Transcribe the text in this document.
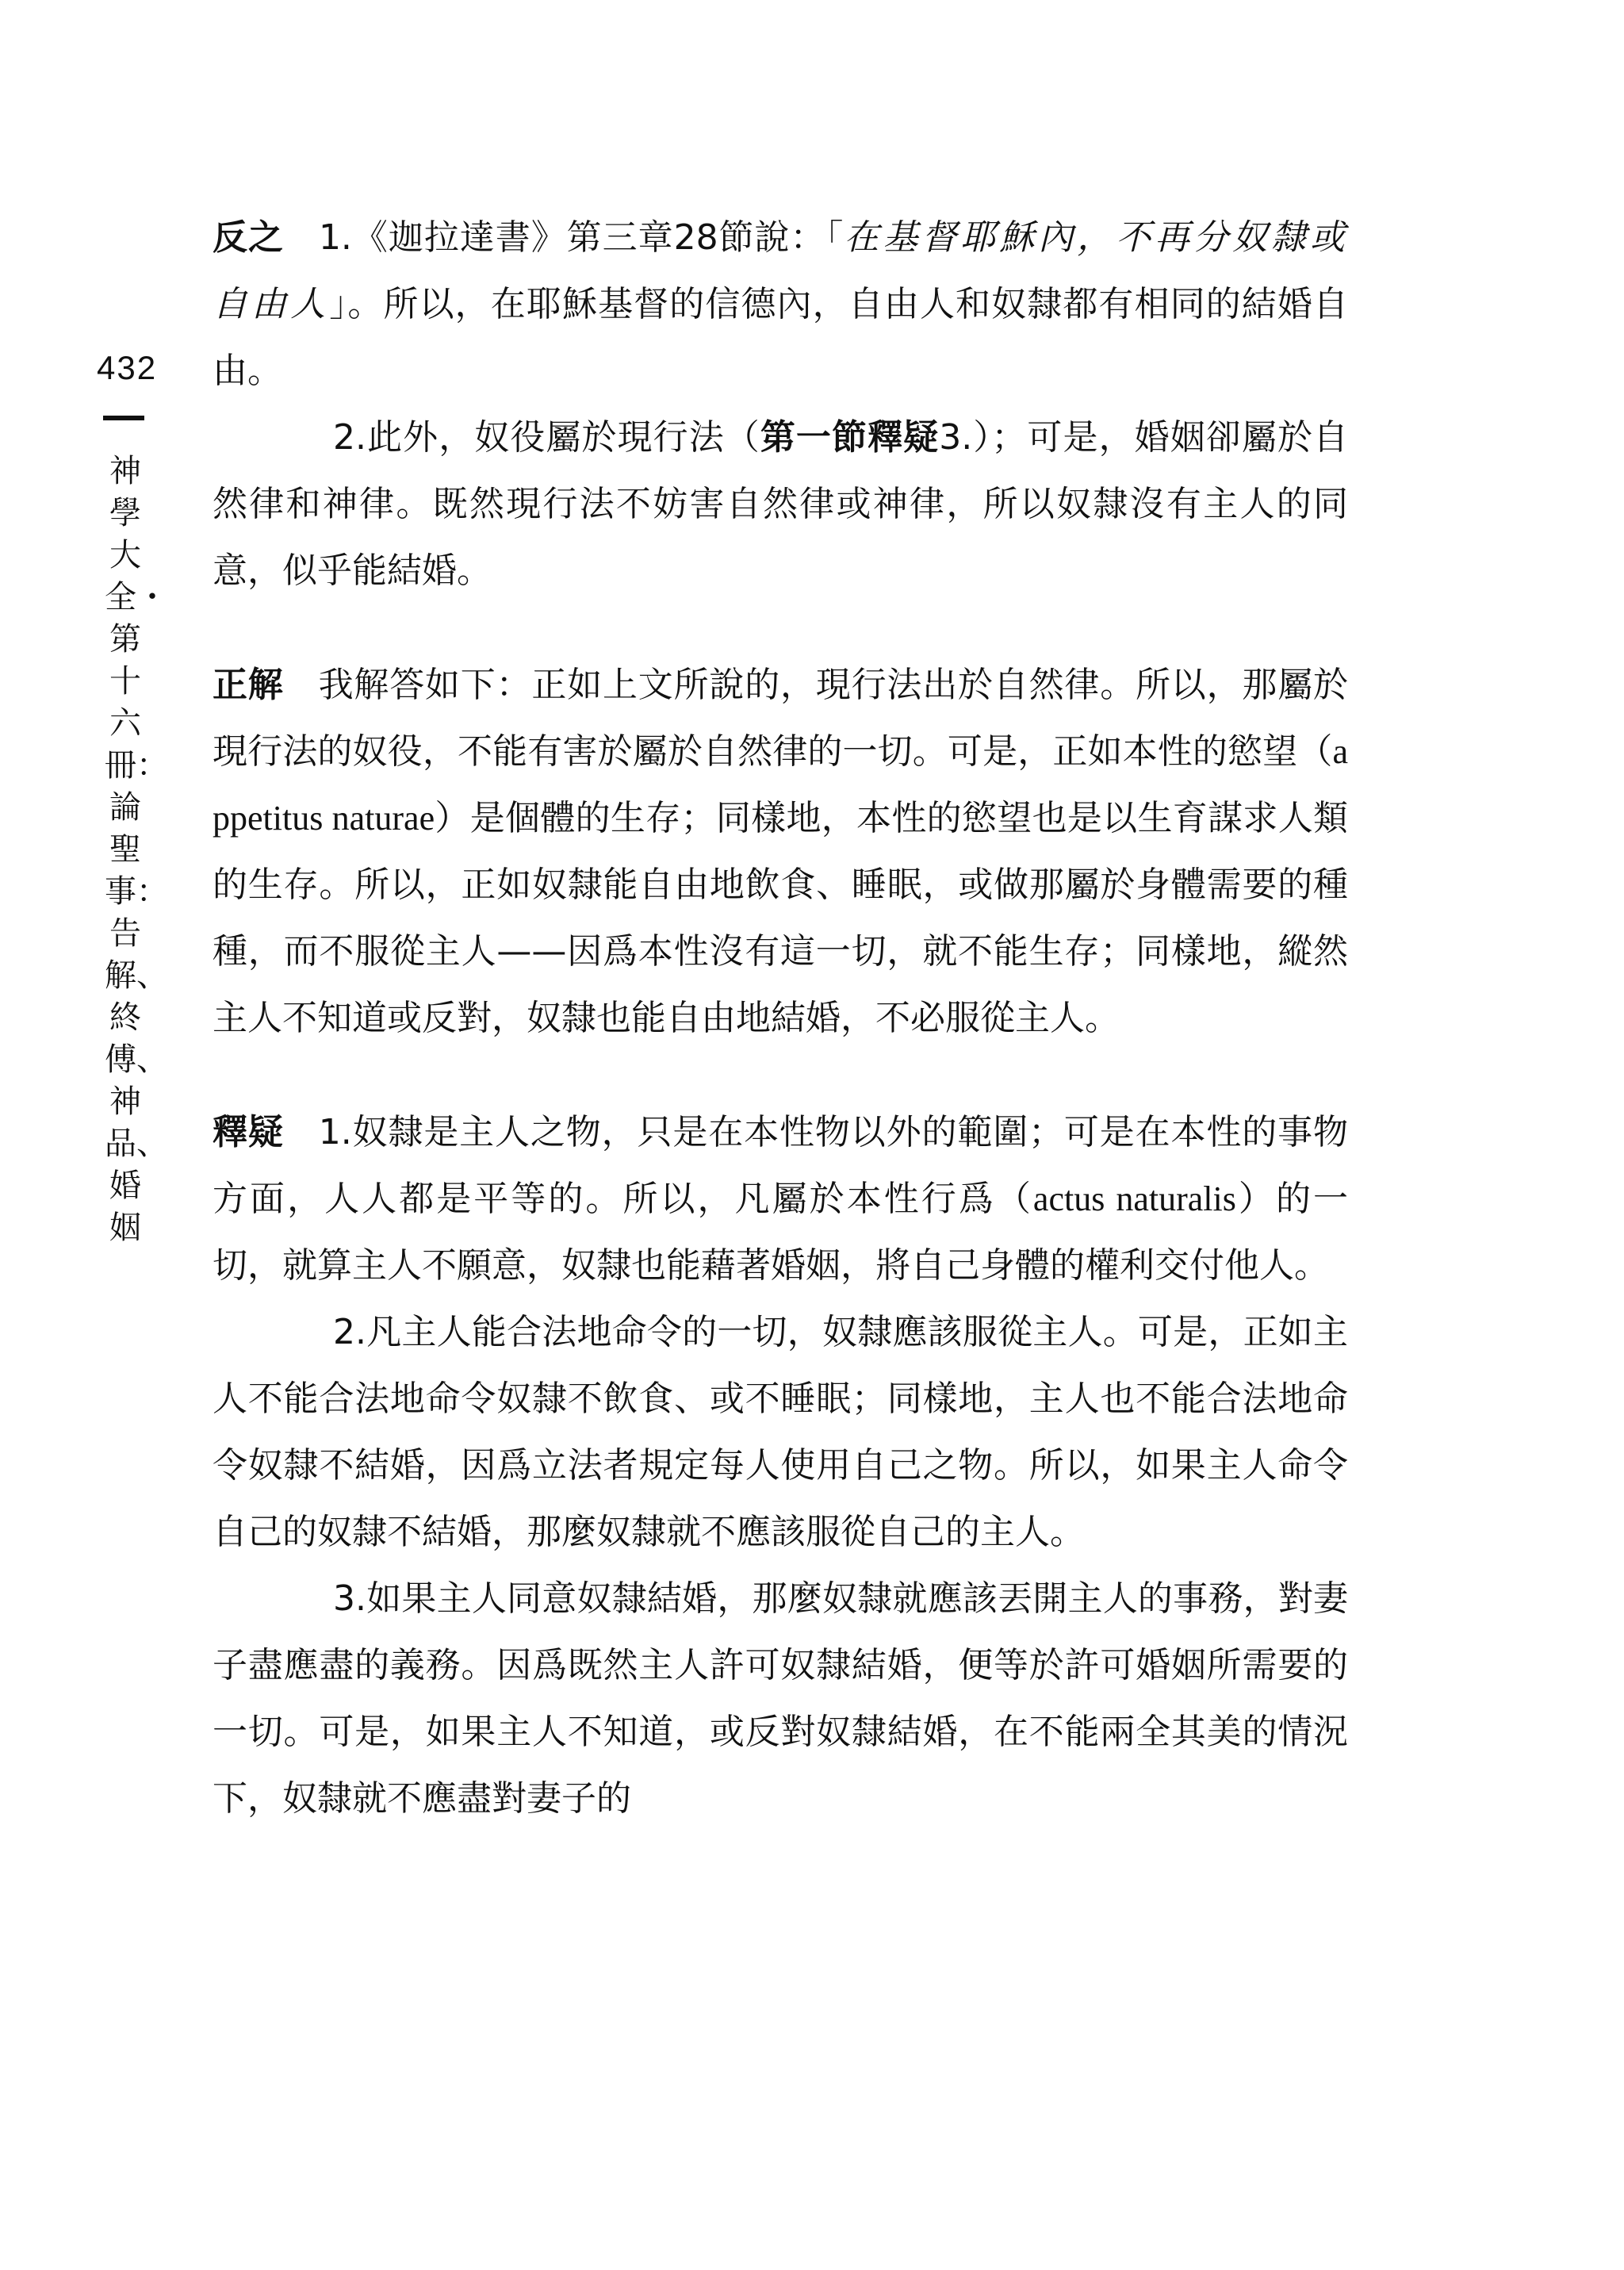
432
神學大全・第十六冊：論聖事：告解、終傅、神品、婚姻

反之 1.《迦拉達書》第三章28節說：「在基督耶穌內，不再分奴隸或自由人」。所以，在耶穌基督的信德內，自由人和奴隸都有相同的結婚自由。

2.此外，奴役屬於現行法（第一節釋疑3.）；可是，婚姻卻屬於自然律和神律。既然現行法不妨害自然律或神律，所以奴隸沒有主人的同意，似乎能結婚。

正解 我解答如下：正如上文所說的，現行法出於自然律。所以，那屬於現行法的奴役，不能有害於屬於自然律的一切。可是，正如本性的慾望（appetitus naturae）是個體的生存；同樣地，本性的慾望也是以生育謀求人類的生存。所以，正如奴隸能自由地飲食、睡眠，或做那屬於身體需要的種種，而不服從主人——因爲本性沒有這一切，就不能生存；同樣地，縱然主人不知道或反對，奴隸也能自由地結婚，不必服從主人。

釋疑 1.奴隸是主人之物，只是在本性物以外的範圍；可是在本性的事物方面，人人都是平等的。所以，凡屬於本性行爲（actus naturalis）的一切，就算主人不願意，奴隸也能藉著婚姻，將自己身體的權利交付他人。

2.凡主人能合法地命令的一切，奴隸應該服從主人。可是，正如主人不能合法地命令奴隸不飲食、或不睡眠；同樣地，主人也不能合法地命令奴隸不結婚，因爲立法者規定每人使用自己之物。所以，如果主人命令自己的奴隸不結婚，那麼奴隸就不應該服從自己的主人。

3.如果主人同意奴隸結婚，那麼奴隸就應該丟開主人的事務，對妻子盡應盡的義務。因爲既然主人許可奴隸結婚，便等於許可婚姻所需要的一切。可是，如果主人不知道，或反對奴隸結婚，在不能兩全其美的情況下，奴隸就不應盡對妻子的
